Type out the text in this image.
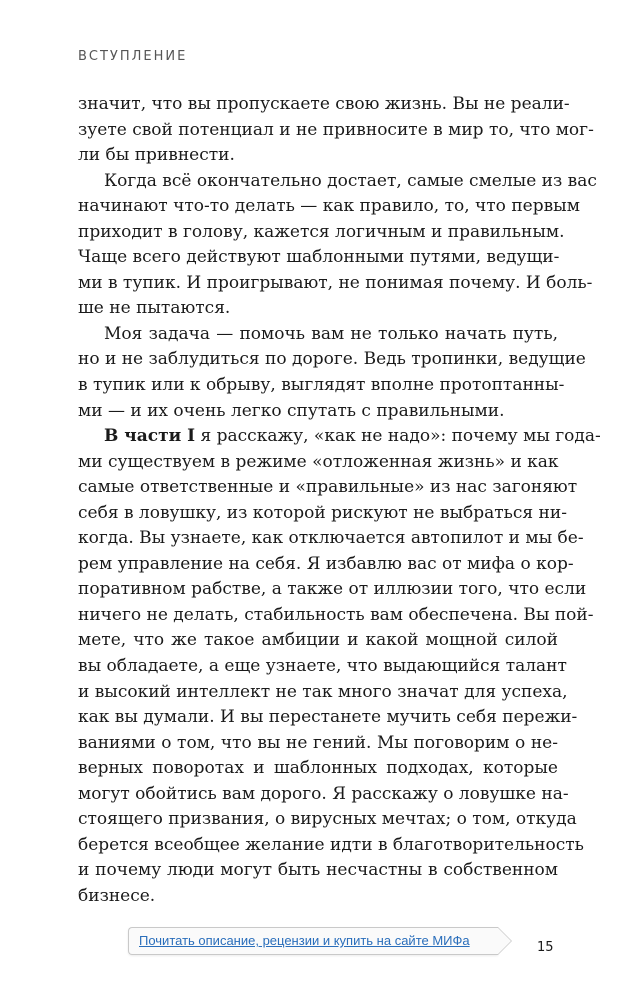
ВСТУПЛЕНИЕ
значит, что вы пропускаете свою жизнь. Вы не реали-
зуете свой потенциал и не привносите в мир то, что мог-
ли бы привнести.
Когда всё окончательно достает, самые смелые из вас
начинают что-то делать — как правило, то, что первым
приходит в голову, кажется логичным и правильным.
Чаще всего действуют шаблонными путями, ведущи-
ми в тупик. И проигрывают, не понимая почему. И боль-
ше не пытаются.
Моя задача — помочь вам не только начать путь,
но и не заблудиться по дороге. Ведь тропинки, ведущие
в тупик или к обрыву, выглядят вполне протоптанны-
ми — и их очень легко спутать с правильными.
В части I я расскажу, «как не надо»: почему мы года-
ми существуем в режиме «отложенная жизнь» и как
самые ответственные и «правильные» из нас загоняют
себя в ловушку, из которой рискуют не выбраться ни-
когда. Вы узнаете, как отключается автопилот и мы бе-
рем управление на себя. Я избавлю вас от мифа о кор-
поративном рабстве, а также от иллюзии того, что если
ничего не делать, стабильность вам обеспечена. Вы пой-
мете, что же такое амбиции и какой мощной силой
вы обладаете, а еще узнаете, что выдающийся талант
и высокий интеллект не так много значат для успеха,
как вы думали. И вы перестанете мучить себя пережи-
ваниями о том, что вы не гений. Мы поговорим о не-
верных поворотах и шаблонных подходах, которые
могут обойтись вам дорого. Я расскажу о ловушке на-
стоящего призвания, о вирусных мечтах; о том, откуда
берется всеобщее желание идти в благотворительность
и почему люди могут быть несчастны в собственном
бизнесе.
Почитать описание, рецензии и купить на сайте МИФа	15
